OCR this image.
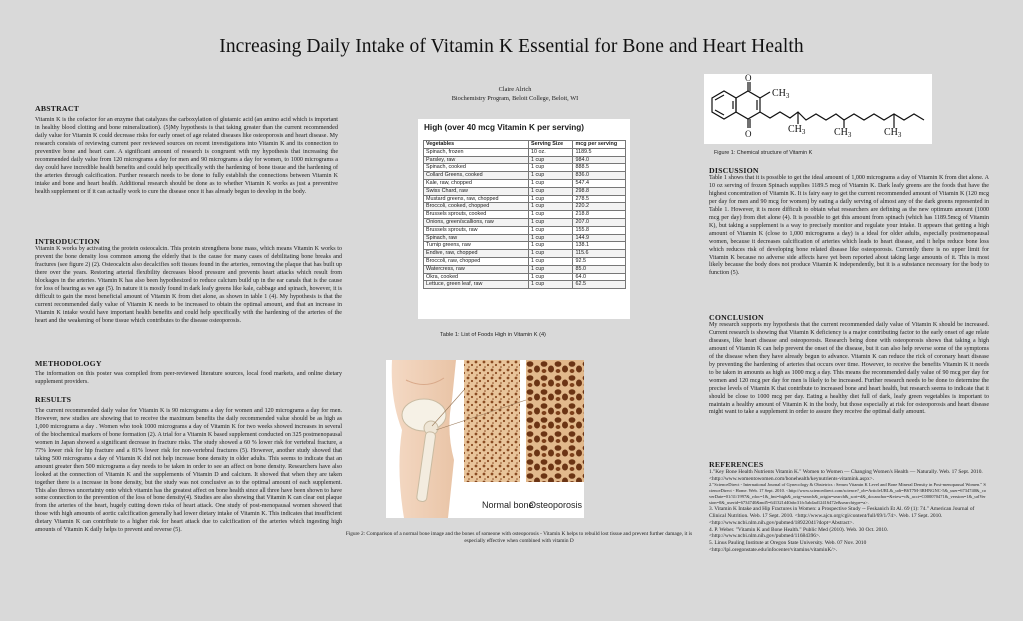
Increasing Daily Intake of Vitamin K Essential for Bone and Heart Health
Claire Alrich
Biochemistry Program, Beloit College, Beloit, WI
ABSTRACT

Vitamin K is the cofactor for an enzyme that catalyzes the carboxylation of glutamic acid (an amino acid which is important in healthy blood clotting and bone mineralization). (5)My hypothesis is that taking greater than the current recommended daily value for Vitamin K could decrease risks for early onset of age related diseases like osteoporosis and heart disease. My research consists of reviewing current peer reviewed sources on recent investigations into Vitamin K and its connection to preventive bone and heart care. A significant amount of research is congruent with my hypothesis that increasing the recommended daily value from 120 micrograms a day for men and 90 micrograms a day for women, to 1000 micrograms a day could have incredible health benefits and could help specifically with the hardening of bone tissue and the hardening of the arteries through calcification. Further research needs to be done to fully establish the connections between Vitamin K intake and bone and heart health. Additional research should be done as to whether Vitamin K works as just a preventive health supplement or if it can actually work to cure the disease once it has already begun to develop in the body.

INTRODUCTION

Vitamin K works by activating the protein osteocalcin. This protein strengthens bone mass, which means Vitamin K works to prevent the bone density loss common among the elderly that is the cause for many cases of debilitating bone breaks and fractures (see figure 2) (2). Osteocalcin also decalcifies soft tissues found in the arteries, removing the plaque that has built up there over the years. Restoring arterial flexibility decreases blood pressure and prevents heart attacks which result from blockages in the arteries. Vitamin K has also been hypothesized to reduce calcium build up in the ear canals that is the cause for loss of hearing as we age (5). In nature it is mostly found in dark leafy greens like kale, cabbage and spinach, however, it is difficult to gain the most beneficial amount of Vitamin K from diet alone, as shown in table 1 (4). My hypothesis is that the current recommended daily value of Vitamin K needs to be increased to obtain the optimal amount, and that an increase in Vitamin K intake would have important health benefits and could help specifically with the hardening of the arteries of the heart and the weakening of bone tissue which contributes to the disease osteoporosis.

METHODOLOGY

The information on this poster was compiled from peer-reviewed literature sources, local food markets, and online dietary supplement providers.

RESULTS

The current recommended daily value for Vitamin K is 90 micrograms a day for women and 120 micrograms a day for men. However, new studies are showing that to receive the maximum benefits the daily recommended value should be as high as 1,000 micrograms a day . Women who took 1000 micrograms a day of Vitamin K for two weeks showed increases in several of the biochemical markers of bone formation (2). A trial for a Vitamin K based supplement conducted on 325 postmenopausal women in Japan showed a significant decrease in fracture risks. The study showed a 60 % lower risk for vertebral fracture, a 77% lower risk for hip fracture and a 81% lower risk for non-vertebral fractures (5). However, another study showed that taking 500 micrograms a day of Vitamin K did not help increase bone density in older adults. This seems to indicate that an amount greater then 500 micrograms a day needs to be taken in order to see an affect on bone density. Researchers have also looked at the connection of Vitamin K and the supplements of Vitamin D and calcium. It showed that when they are taken together there is a increase in bone density, but the study was not conclusive as to the optimal amount of each supplement. This also throws uncertainty onto which vitamin has the greatest affect on bone health since all three have been shown to have some connection to the prevention of the loss of bone density(4). Studies are also showing that Vitamin K can clear out plaque from the arteries of the heart, hugely cutting down risks of heart attack. One study of post-menopausal women showed that those with high amounts of aortic calcification generally had lower dietary intake of Vitamin K. This indicates that insufficient dietary Vitamin K can contribute to a higher risk for heart attack due to calcification of the arteries which ingesting high amounts of Vitamin K daily helps to prevent and reverse (5).

High (over 40 mcg Vitamin K per serving)
Vegetables	Serving Size	mcg per serving
Spinach, frozen	10 oz.	1189.5
Parsley, raw	1 cup	984.0
Spinach, cooked	1 cup	888.5
Collard Greens, cooked	1 cup	836.0
Kale, raw, chopped	1 cup	547.4
Swiss Chard, raw	1 cup	298.8
Mustard greens, raw, chopped	1 cup	278.5
Broccoli, cooked, chopped	1 cup	220.2
Brussels sprouts, cooked	1 cup	218.8
Onions, green/scallions, raw	1 cup	207.0
Brussels sprouts, raw	1 cup	155.8
Spinach, raw	1 cup	144.9
Turnip greens, raw	1 cup	138.1
Endive, raw, chopped	1 cup	115.6
Broccoli, raw, chopped	1 cup	92.5
Watercress, raw	1 cup	85.0
Okra, cooked	1 cup	64.0
Lettuce, green leaf, raw	1 cup	62.5
Table 1: List of Foods High in Vitamin K (4)
Normal bone
Osteoporosis
Figure 2: Comparison of a normal bone image and the bones of someone with osteoporosis - Vitamin K helps to rebuild lost tissue and prevent further damage, it is especially effective when combined with vitamin D
O
O
$CH_3$
$CH_3$	$CH_3$	$CH_3$
Figure 1: Chemical structure of Vitamin K
DISCUSSION

Table 1 shows that it is possible to get the ideal amount of 1,000 micrograms a day of Vitamin K from diet alone. A 10 oz serving of frozen Spinach supplies 1189.5 mcg of Vitamin K. Dark leafy greens are the foods that have the highest concentration of Vitamin K. It is fairy easy to get the current recommended amount of Vitamin K (120 mcg per day for men and 90 mcg for women) by eating a daily serving of almost any of the dark greens represented in Table 1. However, it is more difficult to obtain what researchers are defining as the new optimum amount (1000 mcg per day) from diet alone (4). It is possible to get this amount from spinach (which has 1189.5mcg of Vitamin K), but taking a supplement is a way to precisely monitor and regulate your intake. It appears that getting a high amount of Vitamin K (close to 1,000 micrograms a day) is a ideal for older adults, especially postmenopausal women, because it decreases calcification of arteries which leads to heart disease, and it helps reduce bone loss which reduces risk of developing bone related disease like osteoporosis. Currently there is no upper limit for Vitamin K because no adverse side affects have yet been reported about taking large amounts of it. This is most likely because the body does not produce Vitamin K independently, but it is a substance necessary for the body to function (5).

CONCLUSION

My research supports my hypothesis that the current recommended daily value of Vitamin K should be increased. Current research is showing that Vitamin K deficiency is a major contributing factor to the early onset of age relate diseases, like heart disease and osteoporosis. Research being done with osteoporosis shows that taking a high amount of Vitamin K can help prevent the onset of the disease, but it can also help reverse some of the symptoms of the disease when they have already begun to advance. Vitamin K can reduce the rick of coronary heart disease by preventing the hardening of arteries that occurs over time. However, to receive the benefits Vitamin K it needs to be taken in amounts as high as 1000 mcg a day. This means the recommended daily value of 90 mcg per day for women and 120 mcg per day for men is likely to be increased. Further research needs to be done to determine the precise levels of Vitamin K that contribute to increased bone and heart health, but research seems to indicate that it should be close to 1000 mcg per day. Eating a healthy diet full of dark, leafy green vegetables is important to maintain a healthy amount of Vitamin K in the body, but those especially at risk for osteoporosis and heart disease might want to take a supplement in order to assure they receive the optimal daily amount.

REFERENCES

1."Key Bone Health Nutrients Vitamin K." Women to Women — Changing Women's Health — Naturally. Web. 17 Sept. 2010. <http://www.womentowomen.com/bonehealth/keynutrients-vitamink.aspx>.

2."ScienceDirect - International Journal of Gynecology & Obstetrics : Serum Vitamin K Level and Bone Mineral Density in Post-menopausal Women." ScienceDirect - Home. Web. 17 Sept. 2010. <http://www.sciencedirect.com/science?_ob=ArticleURL&_udi=B6T7M-3RHNGNC-5&_user=6734740&_coverDate=01/31/1997&_rdoc=1&_fmt=high&_orig=search&_origin=search&_sort=d&_docanchor=&view=c&_acct=C000070471&_version=1&_urlVersion=0&_userid=6734740&md5=641321d40abc31fc5ab4ad12416472e&searchtype=a>.

3. Vitamin K Intake and Hip Fractures in Women: a Prospective Study -- Feskanich Et Al. 69 (1): 74." American Journal of Clinical Nutrition. Web. 17 Sept. 2010. <http://www.ajcn.org/cgi/content/full/69/1/74>. Web. 17 Sept. 2010. <http://www.ncbi.nlm.nih.gov/pubmed/18922041?dopt=Abstract>.

4. P. Weber. "Vitamin K and Bone Health." Public Med (2010). Web. 30 Oct. 2010. <http://www.ncbi.nlm.nih.gov/pubmed/11684396>.

5. Linus Pauling Institute at Oregon State University. Web. 07 Nov. 2010 <http://lpi.oregonstate.edu/infocenter/vitamins/vitaminK/>.
